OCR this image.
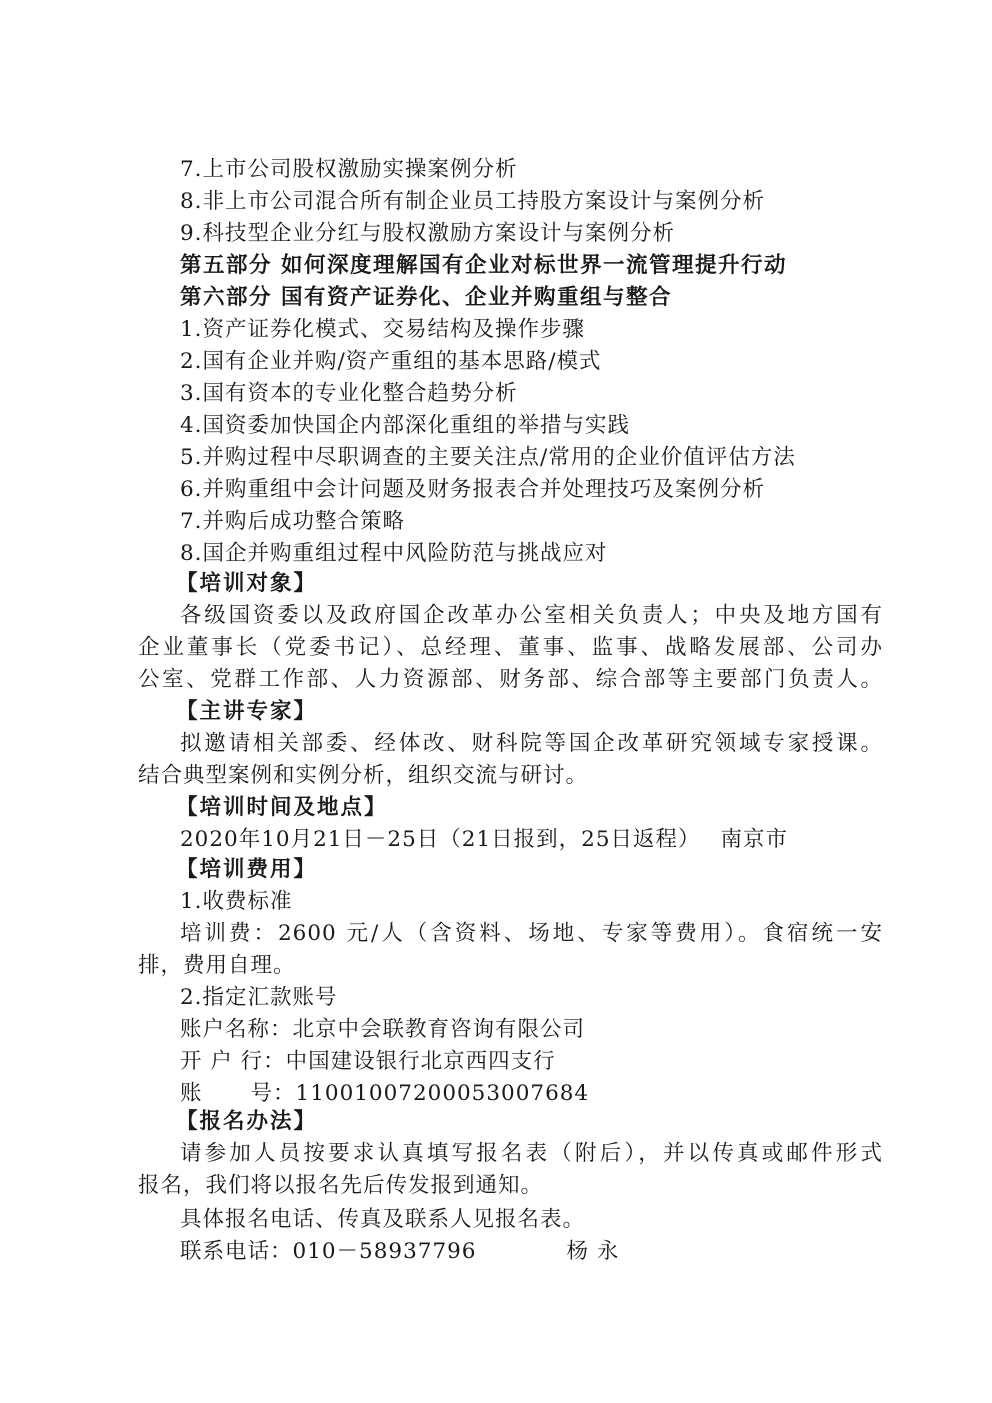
7.上市公司股权激励实操案例分析
8.非上市公司混合所有制企业员工持股方案设计与案例分析
9.科技型企业分红与股权激励方案设计与案例分析
第五部分 如何深度理解国有企业对标世界一流管理提升行动
第六部分 国有资产证券化、企业并购重组与整合
1.资产证券化模式、交易结构及操作步骤
2.国有企业并购/资产重组的基本思路/模式
3.国有资本的专业化整合趋势分析
4.国资委加快国企内部深化重组的举措与实践
5.并购过程中尽职调查的主要关注点/常用的企业价值评估方法
6.并购重组中会计问题及财务报表合并处理技巧及案例分析
7.并购后成功整合策略
8.国企并购重组过程中风险防范与挑战应对
【培训对象】
各级国资委以及政府国企改革办公室相关负责人；中央及地方国有
企业董事长（党委书记）、总经理、董事、监事、战略发展部、公司办
公室、党群工作部、人力资源部、财务部、综合部等主要部门负责人。
【主讲专家】
拟邀请相关部委、经体改、财科院等国企改革研究领域专家授课。
结合典型案例和实例分析，组织交流与研讨。
【培训时间及地点】
2020年10月21日－25日（21日报到，25日返程） 南京市
【培训费用】
1.收费标准
培训费：2600 元/人（含资料、场地、专家等费用）。食宿统一安
排，费用自理。
2.指定汇款账号
账户名称：北京中会联教育咨询有限公司
开 户 行：中国建设银行北京西四支行
账 号：11001007200053007684
【报名办法】
请参加人员按要求认真填写报名表（附后），并以传真或邮件形式
报名，我们将以报名先后传发报到通知。
具体报名电话、传真及联系人见报名表。
联系电话：010－58937796	杨 永
